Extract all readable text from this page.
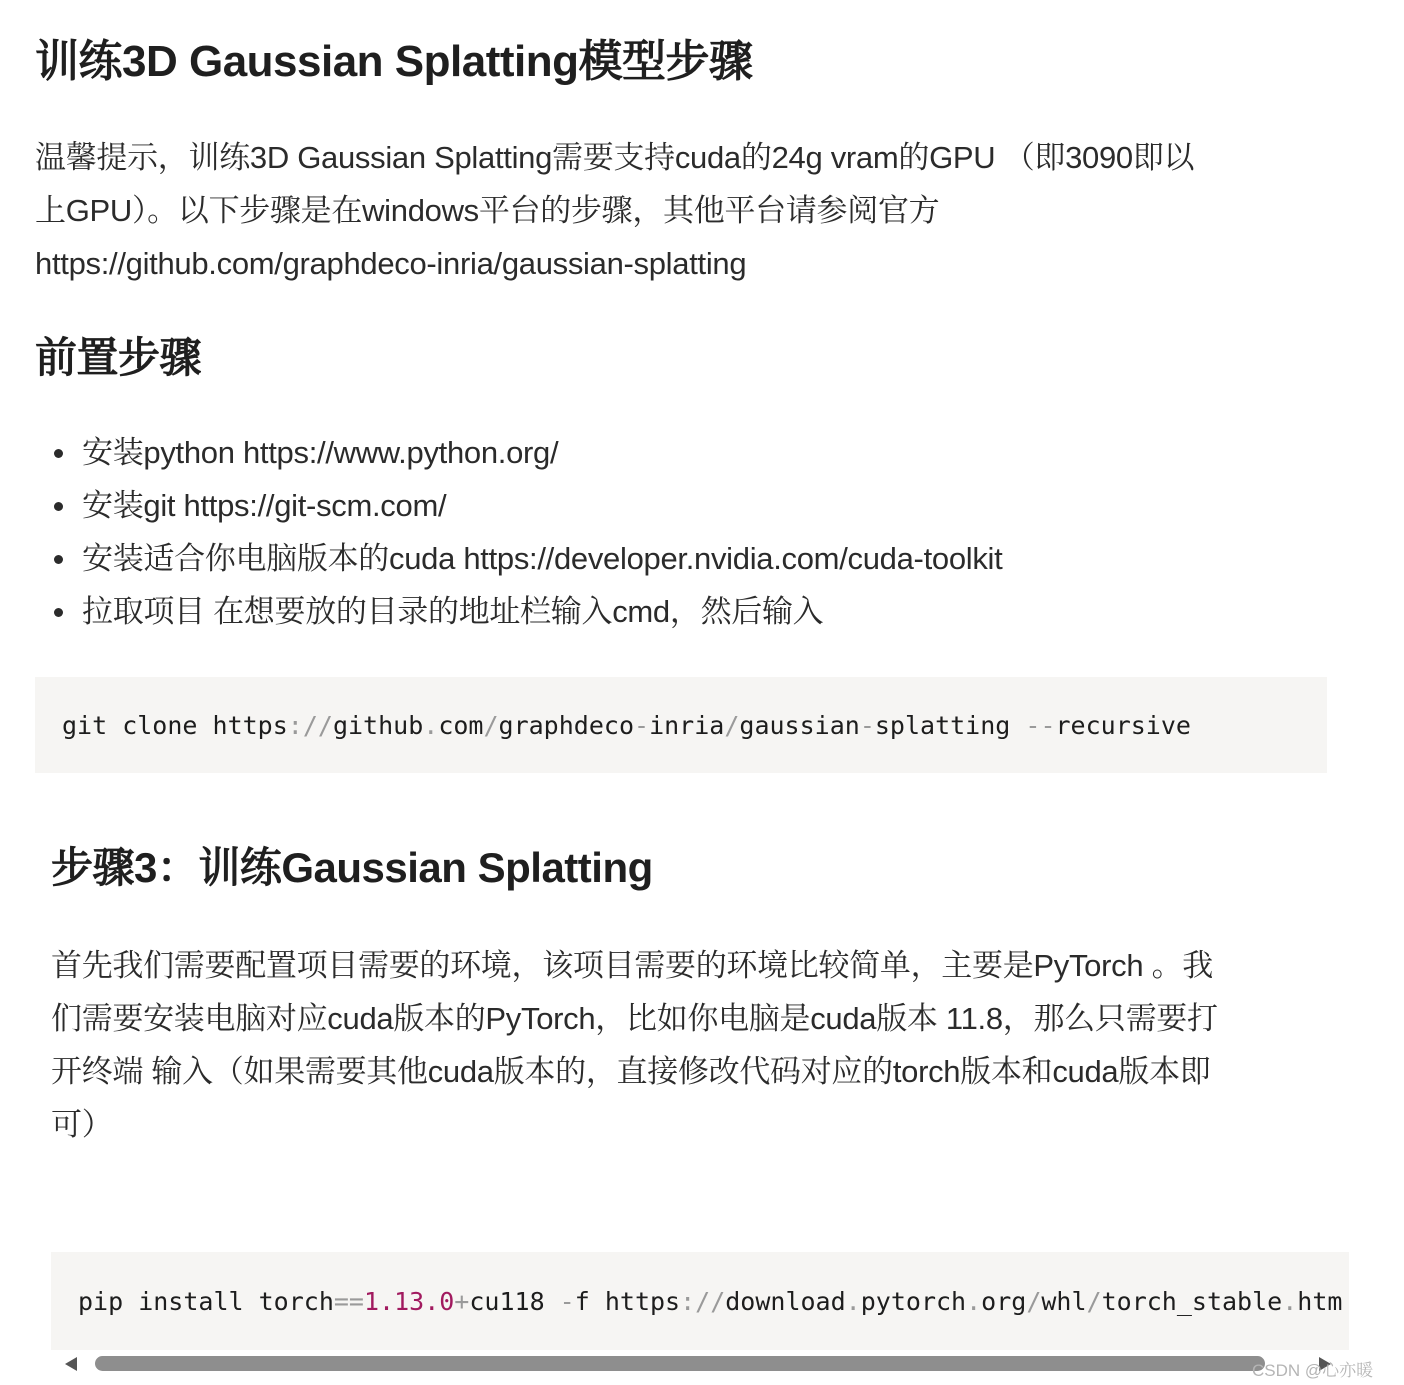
训练3D Gaussian Splatting模型步骤
温馨提示，训练3D Gaussian Splatting需要支持cuda的24g vram的GPU （即3090即以
上GPU）。以下步骤是在windows平台的步骤，其他平台请参阅官方
https://github.com/graphdeco-inria/gaussian-splatting
前置步骤
安装python https://www.python.org/
安装git https://git-scm.com/
安装适合你电脑版本的cuda https://developer.nvidia.com/cuda-toolkit
拉取项目 在想要放的目录的地址栏输入cmd，然后输入
git clone https :// github . com / graphdeco - inria / gaussian - splatting -- recursive
步骤3：训练Gaussian Splatting
首先我们需要配置项目需要的环境，该项目需要的环境比较简单，主要是PyTorch 。我
们需要安装电脑对应cuda版本的PyTorch，比如你电脑是cuda版本 11.8，那么只需要打
开终端 输入（如果需要其他cuda版本的，直接修改代码对应的torch版本和cuda版本即
可）
pip install torch == 1.13.0 + cu118 - f https :// download . pytorch . org / whl / torch_stable . htm
CSDN @心亦暖
